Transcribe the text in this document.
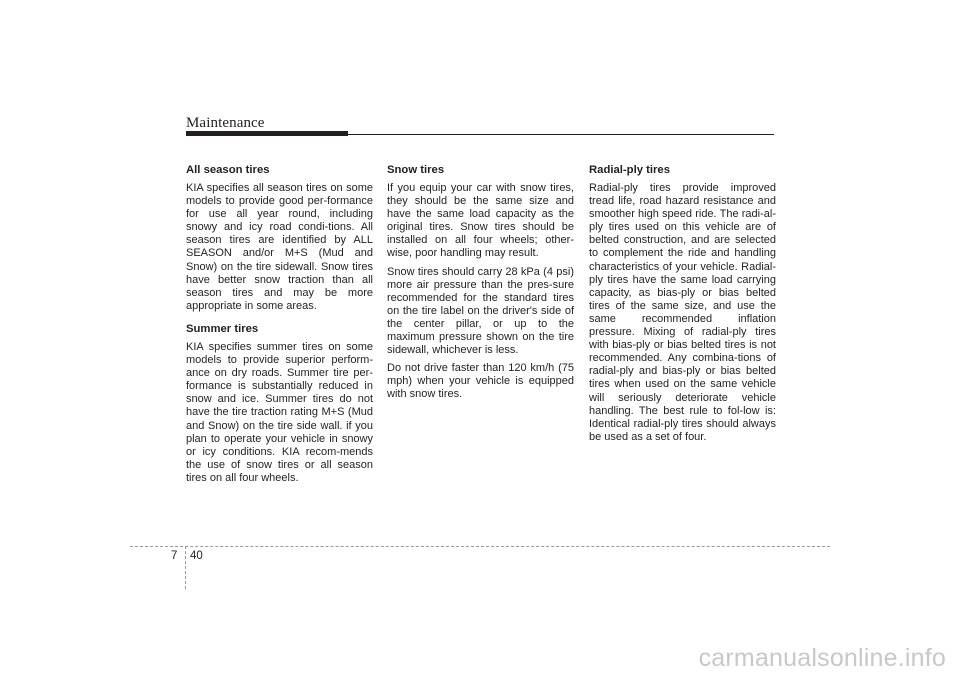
Maintenance
All season tires

KIA specifies all season tires on some models to provide good per-formance for use all year round, including snowy and icy road condi-tions. All season tires are identified by ALL SEASON and/or M+S (Mud and Snow) on the tire sidewall. Snow tires have better snow traction than all season tires and may be more appropriate in some areas.

Summer tires

KIA specifies summer tires on some models to provide superior perform-ance on dry roads. Summer tire per-formance is substantially reduced in snow and ice. Summer tires do not have the tire traction rating M+S (Mud and Snow) on the tire side wall. if you plan to operate your vehicle in snowy or icy conditions. KIA recom-mends the use of snow tires or all season tires on all four wheels.

Snow tires

If you equip your car with snow tires, they should be the same size and have the same load capacity as the original tires. Snow tires should be installed on all four wheels; other-wise, poor handling may result.

Snow tires should carry 28 kPa (4 psi) more air pressure than the pres-sure recommended for the standard tires on the tire label on the driver's side of the center pillar, or up to the maximum pressure shown on the tire sidewall, whichever is less.

Do not drive faster than 120 km/h (75 mph) when your vehicle is equipped with snow tires.

Radial-ply tires

Radial-ply tires provide improved tread life, road hazard resistance and smoother high speed ride. The radi-al-ply tires used on this vehicle are of belted construction, and are selected to complement the ride and handling characteristics of your vehicle. Radial-ply tires have the same load carrying capacity, as bias-ply or bias belted tires of the same size, and use the same recommended inflation pressure. Mixing of radial-ply tires with bias-ply or bias belted tires is not recommended. Any combina-tions of radial-ply and bias-ply or bias belted tires when used on the same vehicle will seriously deteriorate vehicle handling. The best rule to fol-low is: Identical radial-ply tires should always be used as a set of four.

7 40
carmanualsonline.info
